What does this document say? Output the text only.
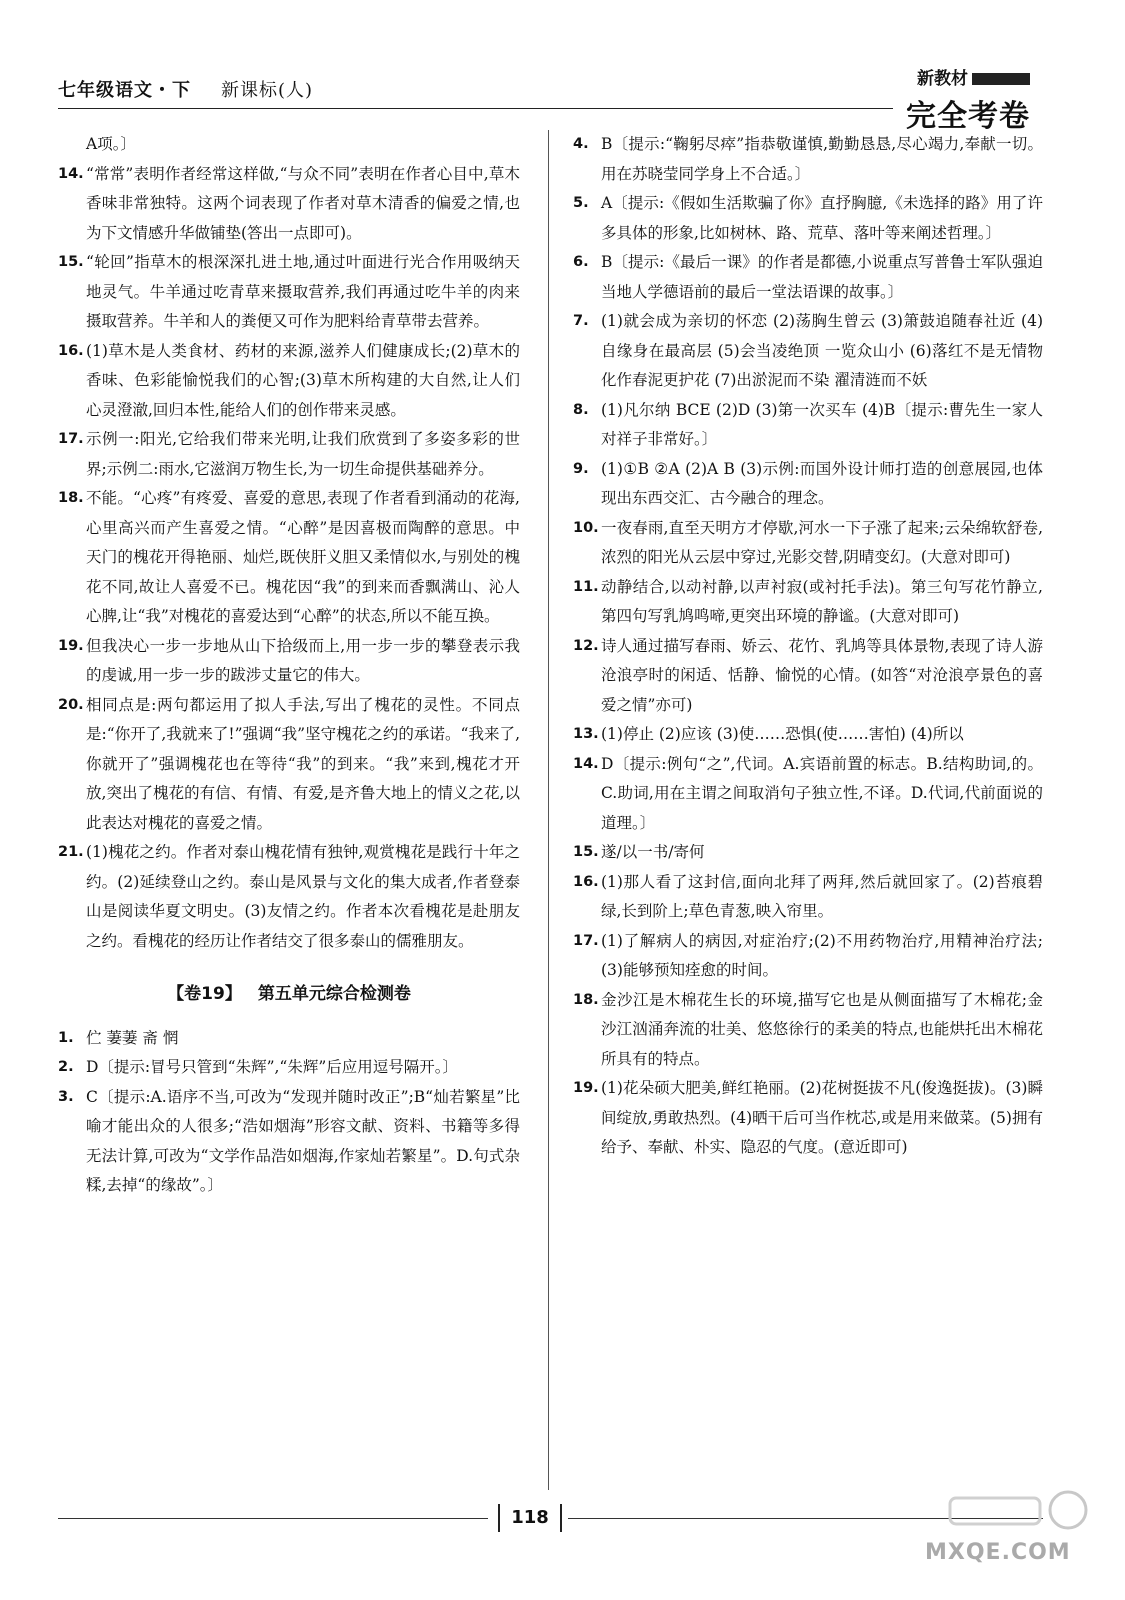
七年级语文・下 新课标(人)
新教材
完全考卷
A项。〕
14. “常常”表明作者经常这样做,“与众不同”表明在作者心目中,草木香味非常独特。这两个词表现了作者对草木清香的偏爱之情,也为下文情感升华做铺垫(答出一点即可)。
15. “轮回”指草木的根深深扎进土地,通过叶面进行光合作用吸纳天地灵气。牛羊通过吃青草来摄取营养,我们再通过吃牛羊的肉来摄取营养。牛羊和人的粪便又可作为肥料给青草带去营养。
16. (1)草木是人类食材、药材的来源,滋养人们健康成长;(2)草木的香味、色彩能愉悦我们的心智;(3)草木所构建的大自然,让人们心灵澄澈,回归本性,能给人们的创作带来灵感。
17. 示例一:阳光,它给我们带来光明,让我们欣赏到了多姿多彩的世界;示例二:雨水,它滋润万物生长,为一切生命提供基础养分。
18. 不能。“心疼”有疼爱、喜爱的意思,表现了作者看到涌动的花海,心里高兴而产生喜爱之情。“心醉”是因喜极而陶醉的意思。中天门的槐花开得艳丽、灿烂,既侠肝义胆又柔情似水,与别处的槐花不同,故让人喜爱不已。槐花因“我”的到来而香飘满山、沁人心脾,让“我”对槐花的喜爱达到“心醉”的状态,所以不能互换。
19. 但我决心一步一步地从山下拾级而上,用一步一步的攀登表示我的虔诚,用一步一步的跋涉丈量它的伟大。
20. 相同点是:两句都运用了拟人手法,写出了槐花的灵性。不同点是:“你开了,我就来了!”强调“我”坚守槐花之约的承诺。“我来了,你就开了”强调槐花也在等待“我”的到来。“我”来到,槐花才开放,突出了槐花的有信、有情、有爱,是齐鲁大地上的情义之花,以此表达对槐花的喜爱之情。
21. (1)槐花之约。作者对泰山槐花情有独钟,观赏槐花是践行十年之约。(2)延续登山之约。泰山是风景与文化的集大成者,作者登泰山是阅读华夏文明史。(3)友情之约。作者本次看槐花是赴朋友之约。看槐花的经历让作者结交了很多泰山的儒雅朋友。
【卷19】 第五单元综合检测卷
1. 伫 萋萋 斋 惘
2. D〔提示:冒号只管到“朱辉”,“朱辉”后应用逗号隔开。〕
3. C〔提示:A.语序不当,可改为“发现并随时改正”;B“灿若繁星”比喻才能出众的人很多;“浩如烟海”形容文献、资料、书籍等多得无法计算,可改为“文学作品浩如烟海,作家灿若繁星”。D.句式杂糅,去掉“的缘故”。〕
4. B〔提示:“鞠躬尽瘁”指恭敬谨慎,勤勤恳恳,尽心竭力,奉献一切。用在苏晓莹同学身上不合适。〕
5. A〔提示:《假如生活欺骗了你》直抒胸臆,《未选择的路》用了许多具体的形象,比如树林、路、荒草、落叶等来阐述哲理。〕
6. B〔提示:《最后一课》的作者是都德,小说重点写普鲁士军队强迫当地人学德语前的最后一堂法语课的故事。〕
7. (1)就会成为亲切的怀恋 (2)荡胸生曾云 (3)箫鼓追随春社近 (4)自缘身在最高层 (5)会当凌绝顶 一览众山小 (6)落红不是无情物 化作春泥更护花 (7)出淤泥而不染 濯清涟而不妖
8. (1)凡尔纳 BCE (2)D (3)第一次买车 (4)B〔提示:曹先生一家人对祥子非常好。〕
9. (1)①B ②A (2)A B (3)示例:而国外设计师打造的创意展园,也体现出东西交汇、古今融合的理念。
10. 一夜春雨,直至天明方才停歇,河水一下子涨了起来;云朵绵软舒卷,浓烈的阳光从云层中穿过,光影交替,阴晴变幻。(大意对即可)
11. 动静结合,以动衬静,以声衬寂(或衬托手法)。第三句写花竹静立,第四句写乳鸠鸣啼,更突出环境的静谧。(大意对即可)
12. 诗人通过描写春雨、娇云、花竹、乳鸠等具体景物,表现了诗人游沧浪亭时的闲适、恬静、愉悦的心情。(如答“对沧浪亭景色的喜爱之情”亦可)
13. (1)停止 (2)应该 (3)使……恐惧(使……害怕) (4)所以
14. D〔提示:例句“之”,代词。A.宾语前置的标志。B.结构助词,的。C.助词,用在主谓之间取消句子独立性,不译。D.代词,代前面说的道理。〕
15. 遂/以一书/寄何
16. (1)那人看了这封信,面向北拜了两拜,然后就回家了。(2)苔痕碧绿,长到阶上;草色青葱,映入帘里。
17. (1)了解病人的病因,对症治疗;(2)不用药物治疗,用精神治疗法;(3)能够预知痊愈的时间。
18. 金沙江是木棉花生长的环境,描写它也是从侧面描写了木棉花;金沙江汹涌奔流的壮美、悠悠徐行的柔美的特点,也能烘托出木棉花所具有的特点。
19. (1)花朵硕大肥美,鲜红艳丽。(2)花树挺拔不凡(俊逸挺拔)。(3)瞬间绽放,勇敢热烈。(4)晒干后可当作枕芯,或是用来做菜。(5)拥有给予、奉献、朴实、隐忍的气度。(意近即可)
118
MXQE.COM
